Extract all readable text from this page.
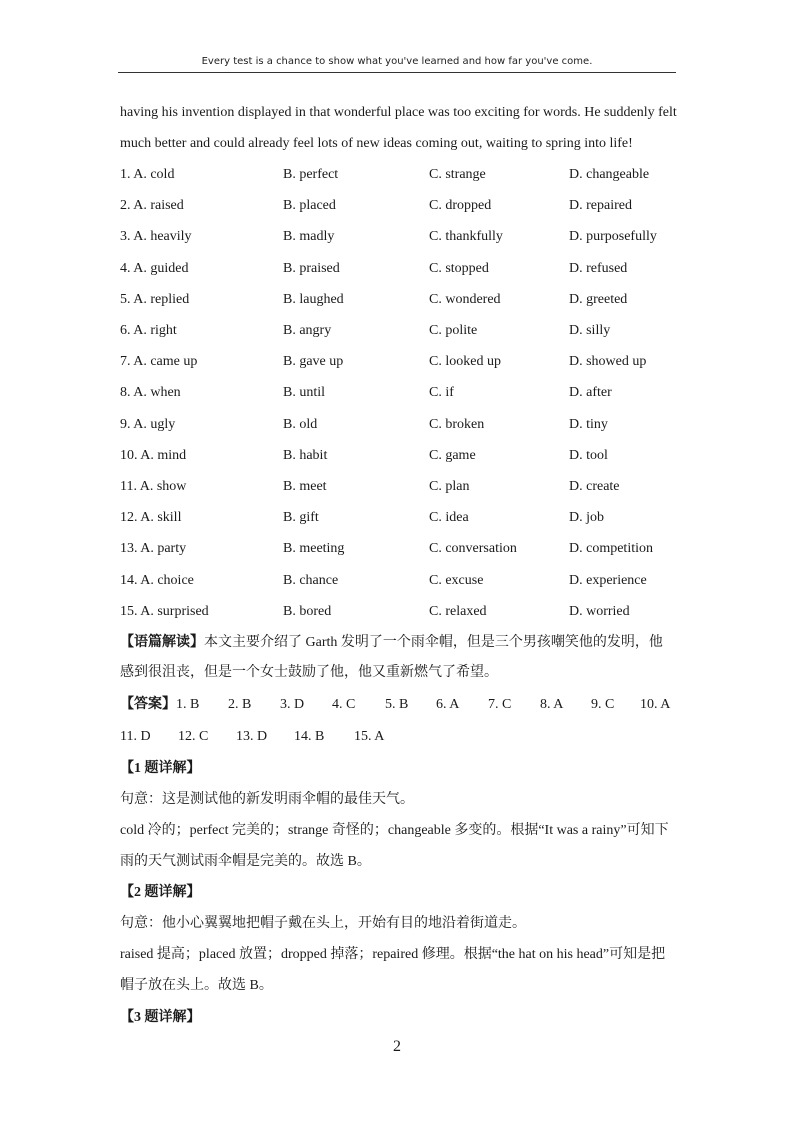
Every test is a chance to show what you've learned and how far you've come.
having his invention displayed in that wonderful place was too exciting for words. He suddenly felt
much better and could already feel lots of new ideas coming out, waiting to spring into life!
1. A. cold	B. perfect	C. strange	D. changeable
2. A. raised	B. placed	C. dropped	D. repaired
3. A. heavily	B. madly	C. thankfully	D. purposefully
4. A. guided	B. praised	C. stopped	D. refused
5. A. replied	B. laughed	C. wondered	D. greeted
6. A. right	B. angry	C. polite	D. silly
7. A. came up	B. gave up	C. looked up	D. showed up
8. A. when	B. until	C. if	D. after
9. A. ugly	B. old	C. broken	D. tiny
10. A. mind	B. habit	C. game	D. tool
11. A. show	B. meet	C. plan	D. create
12. A. skill	B. gift	C. idea	D. job
13. A. party	B. meeting	C. conversation	D. competition
14. A. choice	B. chance	C. excuse	D. experience
15. A. surprised	B. bored	C. relaxed	D. worried
【语篇解读】本文主要介绍了 Garth 发明了一个雨伞帽，但是三个男孩嘲笑他的发明，他
感到很沮丧，但是一个女士鼓励了他，他又重新燃气了希望。
【答案】 1. B 2. B 3. D 4. C 5. B 6. A 7. C 8. A 9. C 10. A
11. D 12. C 13. D 14. B 15. A
【1 题详解】
句意：这是测试他的新发明雨伞帽的最佳天气。
cold 冷的；perfect 完美的；strange 奇怪的；changeable 多变的。根据“It was a rainy”可知下
雨的天气测试雨伞帽是完美的。故选 B。
【2 题详解】
句意：他小心翼翼地把帽子戴在头上，开始有目的地沿着街道走。
raised 提高；placed 放置；dropped 掉落；repaired 修理。根据“the hat on his head”可知是把
帽子放在头上。故选 B。
【3 题详解】
2
